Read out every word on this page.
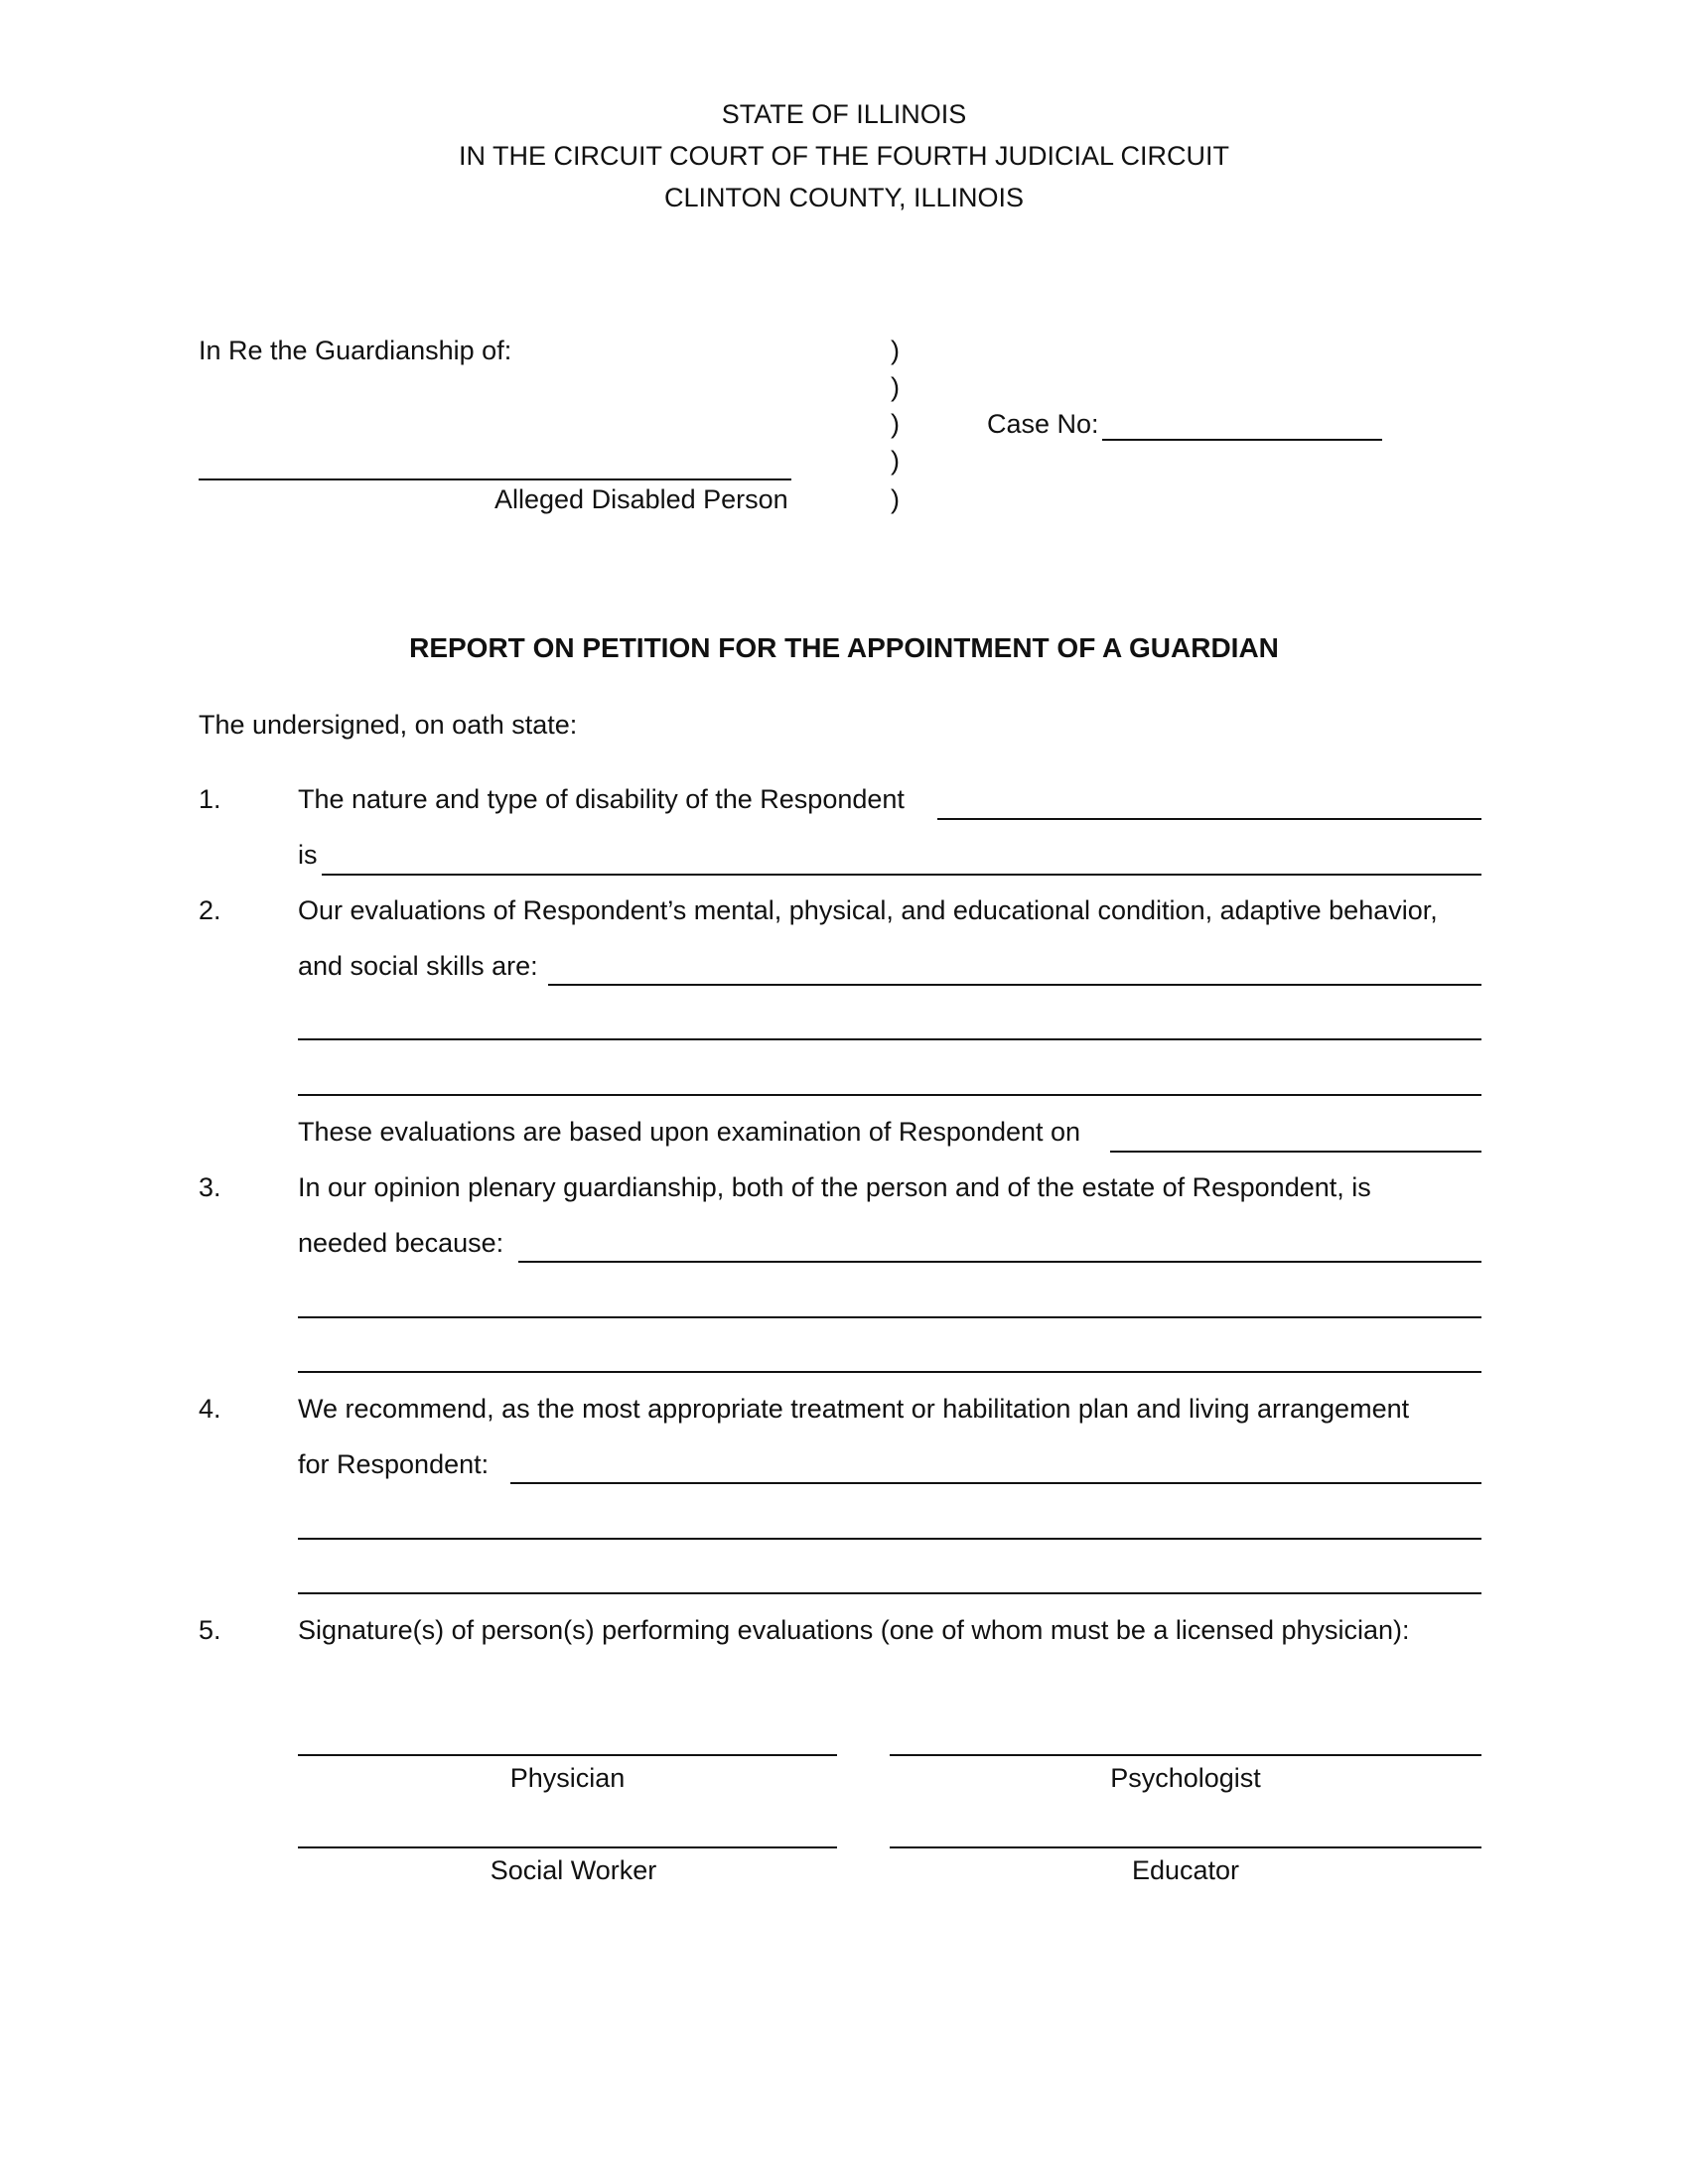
STATE OF ILLINOIS
IN THE CIRCUIT COURT OF THE FOURTH JUDICIAL CIRCUIT
CLINTON COUNTY, ILLINOIS
In Re the Guardianship of:
Alleged Disabled Person
)
)
)
)
)
Case No:
REPORT ON PETITION FOR THE APPOINTMENT OF A GUARDIAN
The undersigned, on oath state:
1.	The nature and type of disability of the Respondent
is
2.	Our evaluations of Respondent’s mental, physical, and educational condition, adaptive behavior,
and social skills are:
These evaluations are based upon examination of Respondent on
3.	In our opinion plenary guardianship, both of the person and of the estate of Respondent, is
needed because:
4.	We recommend, as the most appropriate treatment or habilitation plan and living arrangement
for Respondent:
5.	Signature(s) of person(s) performing evaluations (one of whom must be a licensed physician):
Physician	Psychologist
Social Worker	Educator
